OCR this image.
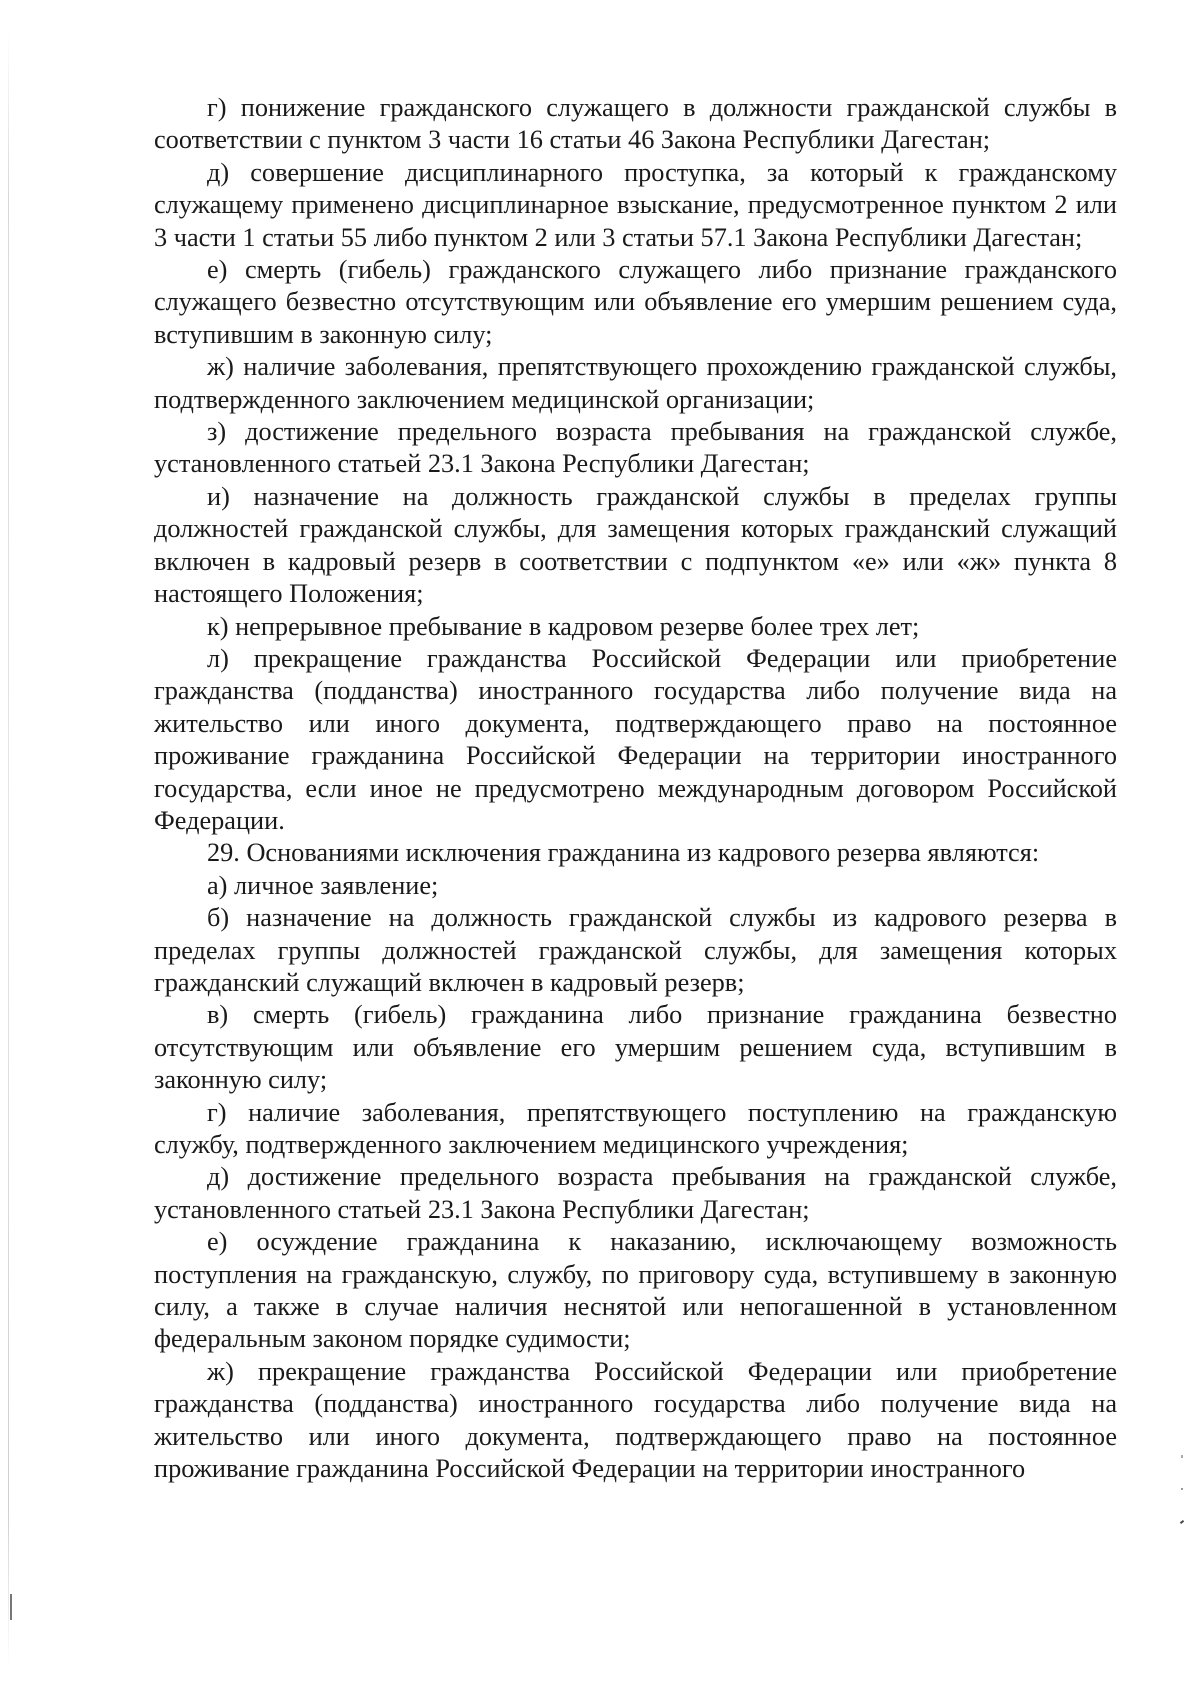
г) понижение гражданского служащего в должности гражданской службы в соответствии с пунктом 3 части 16 статьи 46 Закона Республики Дагестан;

д) совершение дисциплинарного проступка, за который к гражданскому служащему применено дисциплинарное взыскание, предусмотренное пунктом 2 или 3 части 1 статьи 55 либо пунктом 2 или 3 статьи 57.1 Закона Республики Дагестан;

е) смерть (гибель) гражданского служащего либо признание гражданского служащего безвестно отсутствующим или объявление его умершим решением суда, вступившим в законную силу;

ж) наличие заболевания, препятствующего прохождению гражданской службы, подтвержденного заключением медицинской организации;

з) достижение предельного возраста пребывания на гражданской службе, установленного статьей 23.1 Закона Республики Дагестан;

и) назначение на должность гражданской службы в пределах группы должностей гражданской службы, для замещения которых гражданский служащий включен в кадровый резерв в соответствии с подпунктом «е» или «ж» пункта 8 настоящего Положения;

к) непрерывное пребывание в кадровом резерве более трех лет;

л) прекращение гражданства Российской Федерации или приобретение гражданства (подданства) иностранного государства либо получение вида на жительство или иного документа, подтверждающего право на постоянное проживание гражданина Российской Федерации на территории иностранного государства, если иное не предусмотрено международным договором Российской Федерации.

29. Основаниями исключения гражданина из кадрового резерва являются:

а) личное заявление;

б) назначение на должность гражданской службы из кадрового резерва в пределах группы должностей гражданской службы, для замещения которых гражданский служащий включен в кадровый резерв;

в) смерть (гибель) гражданина либо признание гражданина безвестно отсутствующим или объявление его умершим решением суда, вступившим в законную силу;

г) наличие заболевания, препятствующего поступлению на гражданскую службу, подтвержденного заключением медицинского учреждения;

д) достижение предельного возраста пребывания на гражданской службе, установленного статьей 23.1 Закона Республики Дагестан;

е) осуждение гражданина к наказанию, исключающему возможность поступления на гражданскую, службу, по приговору суда, вступившему в законную силу, а также в случае наличия неснятой или непогашенной в установленном федеральным законом порядке судимости;

ж) прекращение гражданства Российской Федерации или приобретение гражданства (подданства) иностранного государства либо получение вида на жительство или иного документа, подтверждающего право на постоянное проживание гражданина Российской Федерации на территории иностранного
